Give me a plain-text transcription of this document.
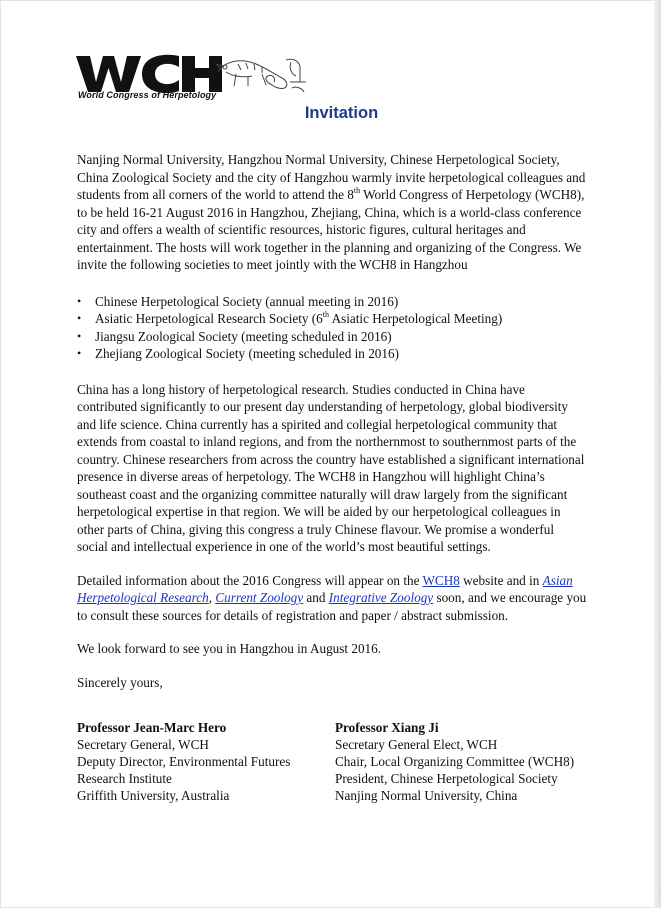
World Congress of Herpetology
Invitation

Nanjing Normal University, Hangzhou Normal University, Chinese Herpetological Society, China Zoological Society and the city of Hangzhou warmly invite herpetological colleagues and students from all corners of the world to attend the 8th World Congress of Herpetology (WCH8), to be held 16-21 August 2016 in Hangzhou, Zhejiang, China, which is a world-class conference city and offers a wealth of scientific resources, historic figures, cultural heritages and entertainment. The hosts will work together in the planning and organizing of the Congress. We invite the following societies to meet jointly with the WCH8 in Hangzhou

• Chinese Herpetological Society (annual meeting in 2016)
• Asiatic Herpetological Research Society (6th Asiatic Herpetological Meeting)
• Jiangsu Zoological Society (meeting scheduled in 2016)
• Zhejiang Zoological Society (meeting scheduled in 2016)

China has a long history of herpetological research. Studies conducted in China have contributed significantly to our present day understanding of herpetology, global biodiversity and life science. China currently has a spirited and collegial herpetological community that extends from coastal to inland regions, and from the northernmost to southernmost parts of the country. Chinese researchers from across the country have established a significant international presence in diverse areas of herpetology. The WCH8 in Hangzhou will highlight China’s southeast coast and the organizing committee naturally will draw largely from the significant herpetological expertise in that region. We will be aided by our herpetological colleagues in other parts of China, giving this congress a truly Chinese flavour. We promise a wonderful social and intellectual experience in one of the world’s most beautiful settings.

Detailed information about the 2016 Congress will appear on the WCH8 website and in Asian Herpetological Research, Current Zoology and Integrative Zoology soon, and we encourage you to consult these sources for details of registration and paper / abstract submission.

We look forward to see you in Hangzhou in August 2016.

Sincerely yours,

Professor Jean-Marc Hero
Secretary General, WCH
Deputy Director, Environmental Futures Research Institute
Griffith University, Australia
Professor Xiang Ji
Secretary General Elect, WCH
Chair, Local Organizing Committee (WCH8)
President, Chinese Herpetological Society
Nanjing Normal University, China
